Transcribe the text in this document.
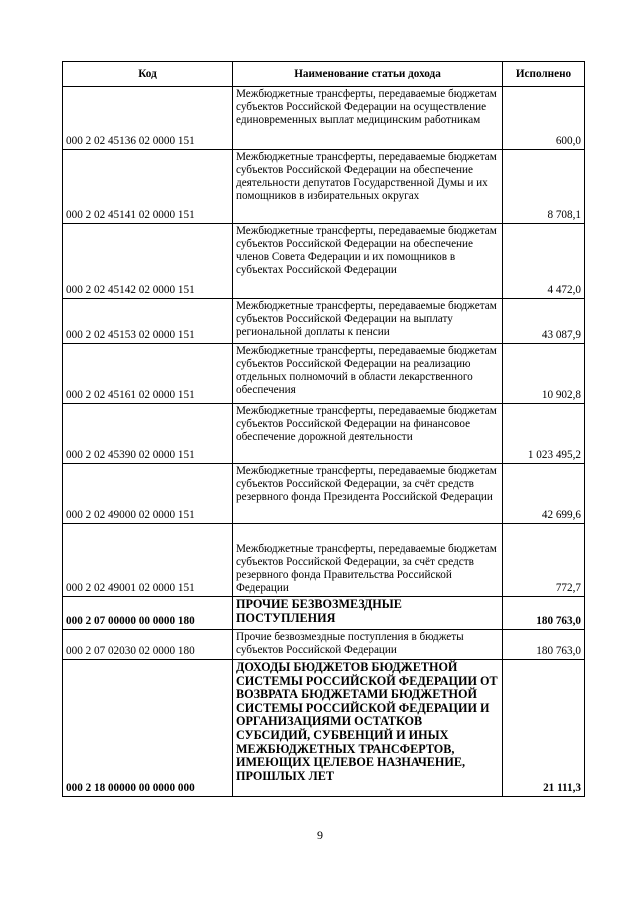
Код	Наименование статьи дохода	Исполнено
000 2 02 45136 02 0000 151	Межбюджетные трансферты, передаваемые бюджетам субъектов Российской Федерации на осуществление единовременных выплат медицинским работникам	600,0
000 2 02 45141 02 0000 151	Межбюджетные трансферты, передаваемые бюджетам субъектов Российской Федерации на обеспечение деятельности депутатов Государственной Думы и их помощников в избирательных округах	8 708,1
000 2 02 45142 02 0000 151	Межбюджетные трансферты, передаваемые бюджетам субъектов Российской Федерации на обеспечение членов Совета Федерации и их помощников в субъектах Российской Федерации	4 472,0
000 2 02 45153 02 0000 151	Межбюджетные трансферты, передаваемые бюджетам субъектов Российской Федерации на выплату региональной доплаты к пенсии	43 087,9
000 2 02 45161 02 0000 151	Межбюджетные трансферты, передаваемые бюджетам субъектов Российской Федерации на реализацию отдельных полномочий в области лекарственного обеспечения	10 902,8
000 2 02 45390 02 0000 151	Межбюджетные трансферты, передаваемые бюджетам субъектов Российской Федерации на финансовое обеспечение дорожной деятельности	1 023 495,2
000 2 02 49000 02 0000 151	Межбюджетные трансферты, передаваемые бюджетам субъектов Российской Федерации, за счёт средств резервного фонда Президента Российской Федерации	42 699,6
000 2 02 49001 02 0000 151	Межбюджетные трансферты, передаваемые бюджетам субъектов Российской Федерации, за счёт средств резервного фонда Правительства Российской Федерации	772,7
000 2 07 00000 00 0000 180	ПРОЧИЕ БЕЗВОЗМЕЗДНЫЕ ПОСТУПЛЕНИЯ	180 763,0
000 2 07 02030 02 0000 180	Прочие безвозмездные поступления в бюджеты субъектов Российской Федерации	180 763,0
000 2 18 00000 00 0000 000	ДОХОДЫ БЮДЖЕТОВ БЮДЖЕТНОЙ СИСТЕМЫ РОССИЙСКОЙ ФЕДЕРАЦИИ ОТ ВОЗВРАТА БЮДЖЕТАМИ БЮДЖЕТНОЙ СИСТЕМЫ РОССИЙСКОЙ ФЕДЕРАЦИИ И ОРГАНИЗАЦИЯМИ ОСТАТКОВ СУБСИДИЙ, СУБВЕНЦИЙ И ИНЫХ МЕЖБЮДЖЕТНЫХ ТРАНСФЕРТОВ, ИМЕЮЩИХ ЦЕЛЕВОЕ НАЗНАЧЕНИЕ, ПРОШЛЫХ ЛЕТ	21 111,3
9
